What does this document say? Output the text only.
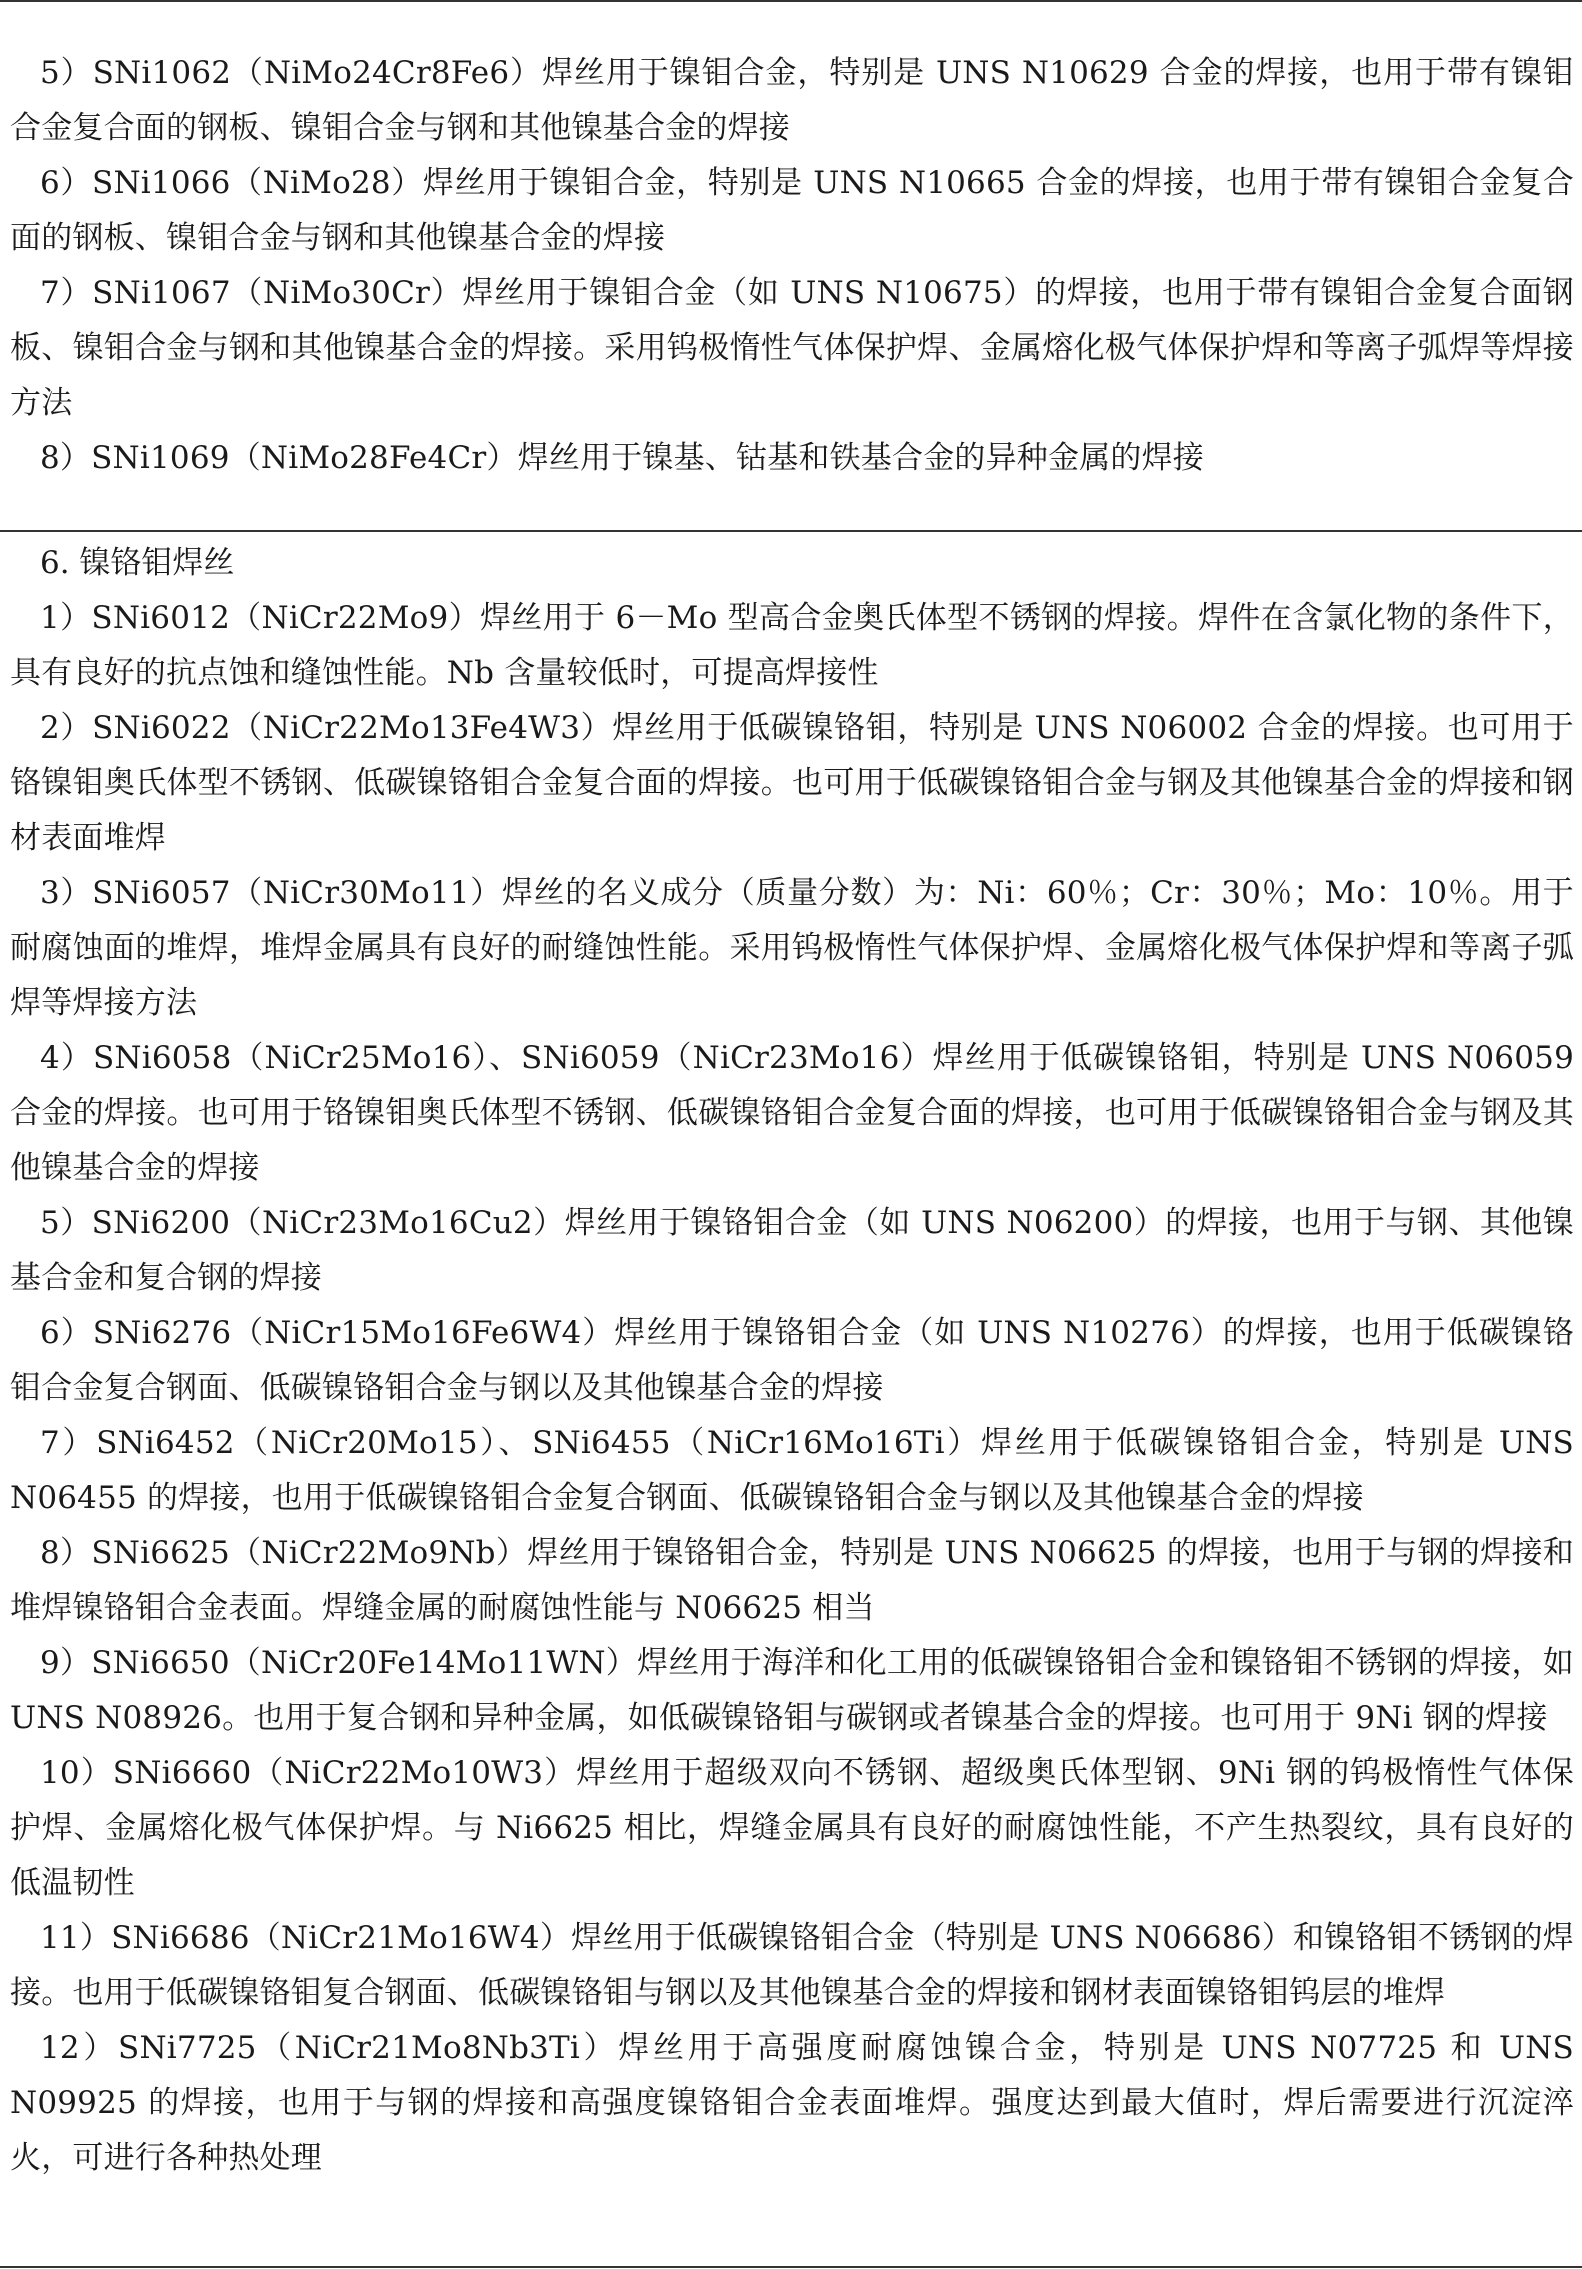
5）SNi1062（NiMo24Cr8Fe6）焊丝用于镍钼合金，特别是 UNS N10629 合金的焊接，也用于带有镍钼合金复合面的钢板、镍钼合金与钢和其他镍基合金的焊接

6）SNi1066（NiMo28）焊丝用于镍钼合金，特别是 UNS N10665 合金的焊接，也用于带有镍钼合金复合面的钢板、镍钼合金与钢和其他镍基合金的焊接

7）SNi1067（NiMo30Cr）焊丝用于镍钼合金（如 UNS N10675）的焊接，也用于带有镍钼合金复合面钢板、镍钼合金与钢和其他镍基合金的焊接。采用钨极惰性气体保护焊、金属熔化极气体保护焊和等离子弧焊等焊接方法

8）SNi1069（NiMo28Fe4Cr）焊丝用于镍基、钴基和铁基合金的异种金属的焊接

6. 镍铬钼焊丝

1）SNi6012（NiCr22Mo9）焊丝用于 6－Mo 型高合金奥氏体型不锈钢的焊接。焊件在含氯化物的条件下，具有良好的抗点蚀和缝蚀性能。Nb 含量较低时，可提高焊接性

2）SNi6022（NiCr22Mo13Fe4W3）焊丝用于低碳镍铬钼，特别是 UNS N06002 合金的焊接。也可用于铬镍钼奥氏体型不锈钢、低碳镍铬钼合金复合面的焊接。也可用于低碳镍铬钼合金与钢及其他镍基合金的焊接和钢材表面堆焊

3）SNi6057（NiCr30Mo11）焊丝的名义成分（质量分数）为：Ni：60％；Cr：30％；Mo：10％。用于耐腐蚀面的堆焊，堆焊金属具有良好的耐缝蚀性能。采用钨极惰性气体保护焊、金属熔化极气体保护焊和等离子弧焊等焊接方法

4）SNi6058（NiCr25Mo16）、SNi6059（NiCr23Mo16）焊丝用于低碳镍铬钼，特别是 UNS N06059 合金的焊接。也可用于铬镍钼奥氏体型不锈钢、低碳镍铬钼合金复合面的焊接，也可用于低碳镍铬钼合金与钢及其他镍基合金的焊接

5）SNi6200（NiCr23Mo16Cu2）焊丝用于镍铬钼合金（如 UNS N06200）的焊接，也用于与钢、其他镍基合金和复合钢的焊接

6）SNi6276（NiCr15Mo16Fe6W4）焊丝用于镍铬钼合金（如 UNS N10276）的焊接，也用于低碳镍铬钼合金复合钢面、低碳镍铬钼合金与钢以及其他镍基合金的焊接

7）SNi6452（NiCr20Mo15）、SNi6455（NiCr16Mo16Ti）焊丝用于低碳镍铬钼合金，特别是 UNS N06455 的焊接，也用于低碳镍铬钼合金复合钢面、低碳镍铬钼合金与钢以及其他镍基合金的焊接

8）SNi6625（NiCr22Mo9Nb）焊丝用于镍铬钼合金，特别是 UNS N06625 的焊接，也用于与钢的焊接和堆焊镍铬钼合金表面。焊缝金属的耐腐蚀性能与 N06625 相当

9）SNi6650（NiCr20Fe14Mo11WN）焊丝用于海洋和化工用的低碳镍铬钼合金和镍铬钼不锈钢的焊接，如 UNS N08926。也用于复合钢和异种金属，如低碳镍铬钼与碳钢或者镍基合金的焊接。也可用于 9Ni 钢的焊接

10）SNi6660（NiCr22Mo10W3）焊丝用于超级双向不锈钢、超级奥氏体型钢、9Ni 钢的钨极惰性气体保护焊、金属熔化极气体保护焊。与 Ni6625 相比，焊缝金属具有良好的耐腐蚀性能，不产生热裂纹，具有良好的低温韧性

11）SNi6686（NiCr21Mo16W4）焊丝用于低碳镍铬钼合金（特别是 UNS N06686）和镍铬钼不锈钢的焊接。也用于低碳镍铬钼复合钢面、低碳镍铬钼与钢以及其他镍基合金的焊接和钢材表面镍铬钼钨层的堆焊

12）SNi7725（NiCr21Mo8Nb3Ti）焊丝用于高强度耐腐蚀镍合金，特别是 UNS N07725 和 UNS N09925 的焊接，也用于与钢的焊接和高强度镍铬钼合金表面堆焊。强度达到最大值时，焊后需要进行沉淀淬火，可进行各种热处理
